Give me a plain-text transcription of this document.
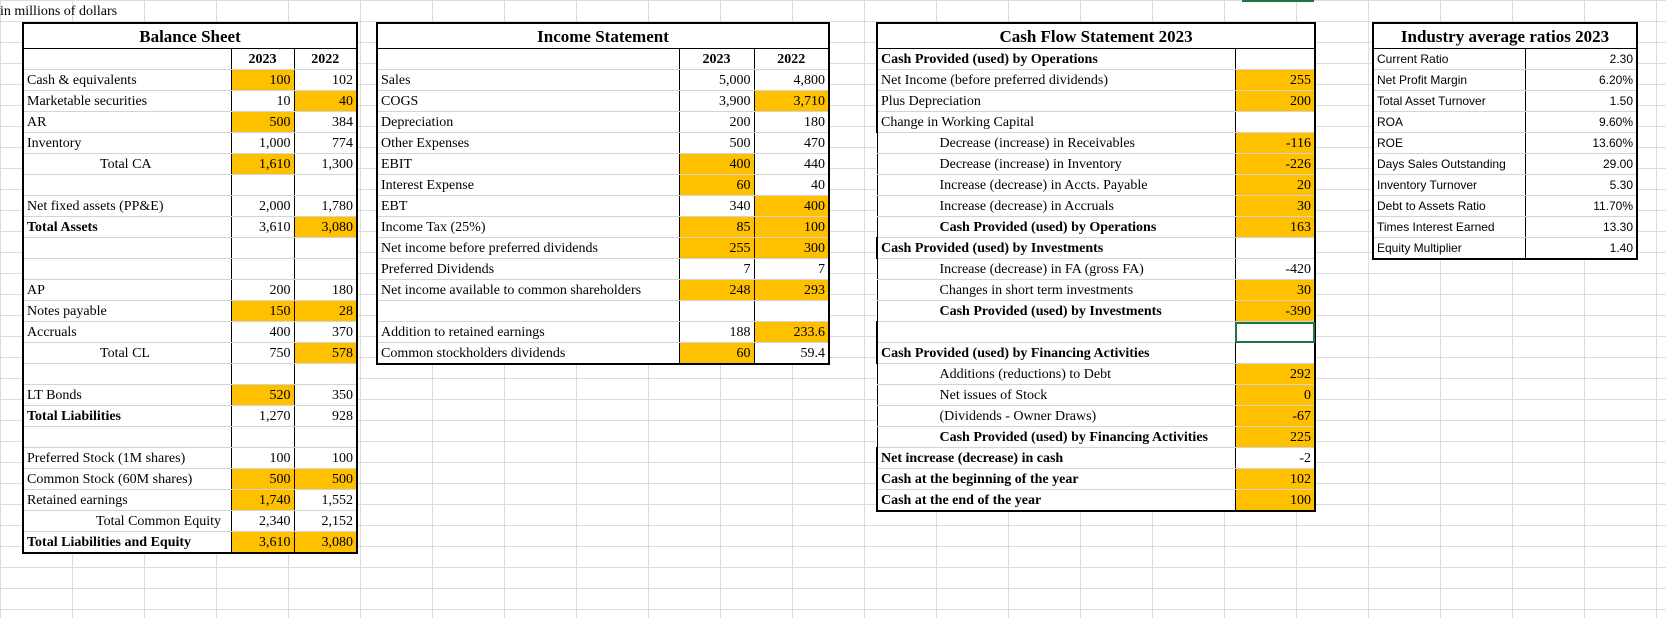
in millions of dollars
Balance Sheet		
	2023	2022
Cash & equivalents	100	102
Marketable securities	10	40
AR	500	384
Inventory	1,000	774
Total CA	1,610	1,300

Net fixed assets (PP&E)	2,000	1,780
Total Assets	3,610	3,080

AP	200	180
Notes payable	150	28
Accruals	400	370
Total CL	750	578

LT Bonds	520	350
Total Liabilities	1,270	928

Preferred Stock (1M shares)	100	100
Common Stock (60M shares)	500	500
Retained earnings	1,740	1,552
Total Common Equity	2,340	2,152
Total Liabilities and Equity	3,610	3,080
Income Statement		
	2023	2022
Sales	5,000	4,800
COGS	3,900	3,710
Depreciation	200	180
Other Expenses	500	470
EBIT	400	440
Interest Expense	60	40
EBT	340	400
Income Tax (25%)	85	100
Net income before preferred dividends	255	300
Preferred Dividends	7	7
Net income available to common shareholders	248	293

Addition to retained earnings	188	233.6
Common stockholders dividends	60	59.4
Cash Flow Statement 2023	
Cash Provided (used) by Operations	
Net Income (before preferred dividends)	255
Plus Depreciation	200
Change in Working Capital	
Decrease (increase) in Receivables	-116
Decrease (increase) in Inventory	-226
Increase (decrease) in Accts. Payable	20
Increase (decrease) in Accruals	30
Cash Provided (used) by Operations	163
Cash Provided (used) by Investments	
Increase (decrease) in FA (gross FA)	-420
Changes in short term investments	30
Cash Provided (used) by Investments	-390

Cash Provided (used) by Financing Activities	
Additions (reductions) to Debt	292
Net issues of Stock	0
(Dividends - Owner Draws)	-67
Cash Provided (used) by Financing Activities	225
Net increase (decrease) in cash	-2
Cash at the beginning of the year	102
Cash at the end of the year	100
Industry average ratios 2023	
Current Ratio	2.30
Net Profit Margin	6.20%
Total Asset Turnover	1.50
ROA	9.60%
ROE	13.60%
Days Sales Outstanding	29.00
Inventory Turnover	5.30
Debt to Assets Ratio	11.70%
Times Interest Earned	13.30
Equity Multiplier	1.40
